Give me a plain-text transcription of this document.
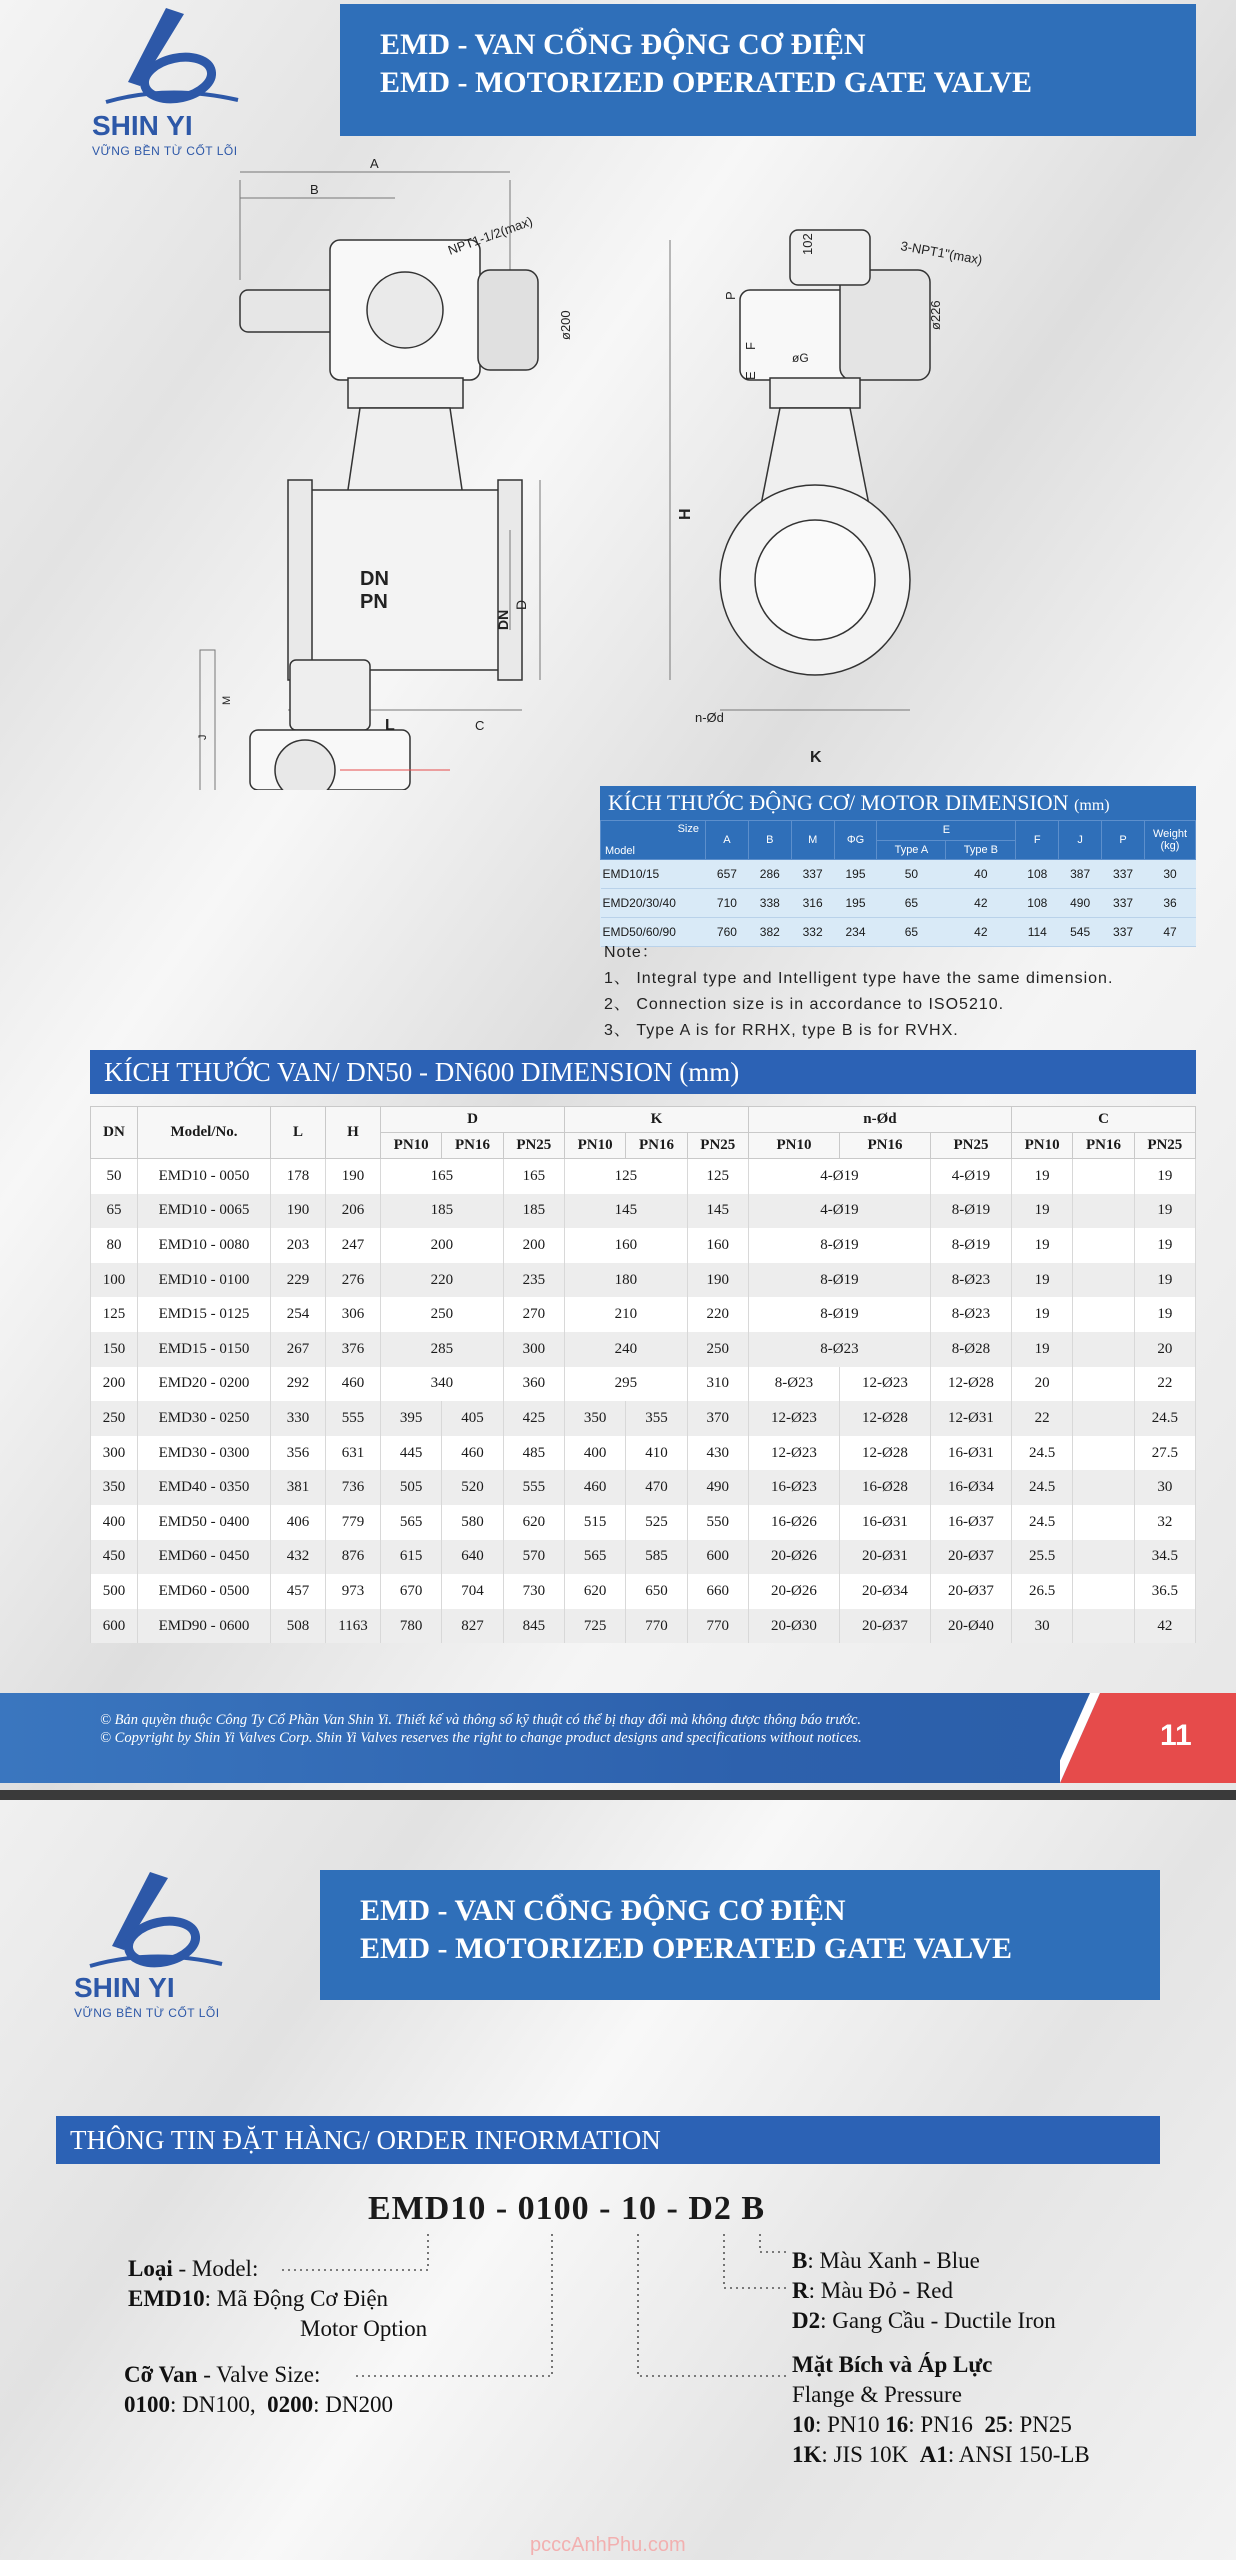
SHIN YI
VỮNG BỀN TỪ CỐT LÕI
EMD - VAN CỔNG ĐỘNG CƠ ĐIỆN
EMD - MOTORIZED OPERATED GATE VALVE
A
B
NPT1-1/2(max)
ø200
DN
PN
DN
D
L	C
3-NPT1"(max)
102
P
E
F
øG
ø226
H
K
n-Ød
J
M
KÍCH THƯỚC ĐỘNG CƠ/ MOTOR DIMENSION (mm)
Size
Model	A	B	M	ΦG	E		F	J	P	Weight (kg)
					Type A	Type B				
EMD10/15	657	286	337	195	50	40	108	387	337	30
EMD20/30/40	710	338	316	195	65	42	108	490	337	36
EMD50/60/90	760	382	332	234	65	42	114	545	337	47
Note：
1、 Integral type and Intelligent type have the same dimension.
2、 Connection size is in accordance to ISO5210.
3、 Type A is for RRHX, type B is for RVHX.
KÍCH THƯỚC VAN/ DN50 - DN600 DIMENSION (mm)
DN	Model/No.	L	H	D			K			n-Ød			C		
				PN10	PN16	PN25	PN10	PN16	PN25	PN10	PN16	PN25	PN10	PN16	PN25
50	EMD10 - 0050	178	190	165		165	125		125	4-Ø19		4-Ø19	19		19
65	EMD10 - 0065	190	206	185		185	145		145	4-Ø19		8-Ø19	19		19
80	EMD10 - 0080	203	247	200		200	160		160	8-Ø19		8-Ø19	19		19
100	EMD10 - 0100	229	276	220		235	180		190	8-Ø19		8-Ø23	19		19
125	EMD15 - 0125	254	306	250		270	210		220	8-Ø19		8-Ø23	19		19
150	EMD15 - 0150	267	376	285		300	240		250	8-Ø23		8-Ø28	19		20
200	EMD20 - 0200	292	460	340		360	295		310	8-Ø23	12-Ø23	12-Ø28	20		22
250	EMD30 - 0250	330	555	395	405	425	350	355	370	12-Ø23	12-Ø28	12-Ø31	22		24.5
300	EMD30 - 0300	356	631	445	460	485	400	410	430	12-Ø23	12-Ø28	16-Ø31	24.5		27.5
350	EMD40 - 0350	381	736	505	520	555	460	470	490	16-Ø23	16-Ø28	16-Ø34	24.5		30
400	EMD50 - 0400	406	779	565	580	620	515	525	550	16-Ø26	16-Ø31	16-Ø37	24.5		32
450	EMD60 - 0450	432	876	615	640	570	565	585	600	20-Ø26	20-Ø31	20-Ø37	25.5		34.5
500	EMD60 - 0500	457	973	670	704	730	620	650	660	20-Ø26	20-Ø34	20-Ø37	26.5		36.5
600	EMD90 - 0600	508	1163	780	827	845	725	770	770	20-Ø30	20-Ø37	20-Ø40	30		42
© Bản quyền thuộc Công Ty Cổ Phần Van Shin Yi. Thiết kế và thông số kỹ thuật có thể bị thay đổi mà không được thông báo trước.
© Copyright by Shin Yi Valves Corp. Shin Yi Valves reserves the right to change product designs and specifications without notices.	11
SHIN YI
VỮNG BỀN TỪ CỐT LÕI
EMD - VAN CỔNG ĐỘNG CƠ ĐIỆN
EMD - MOTORIZED OPERATED GATE VALVE
THÔNG TIN ĐẶT HÀNG/ ORDER INFORMATION
EMD10 - 0100 - 10 - D2 B
Loại - Model:
EMD10: Mã Động Cơ Điện
Motor Option
Cỡ Van - Valve Size:
0100: DN100, 0200: DN200
B: Màu Xanh - Blue
R: Màu Đỏ - Red
D2: Gang Cầu - Ductile Iron
Mặt Bích và Áp Lực
Flange & Pressure
10: PN10 16: PN16  25: PN25
1K: JIS 10K  A1: ANSI 150-LB
pcccAnhPhu.com
